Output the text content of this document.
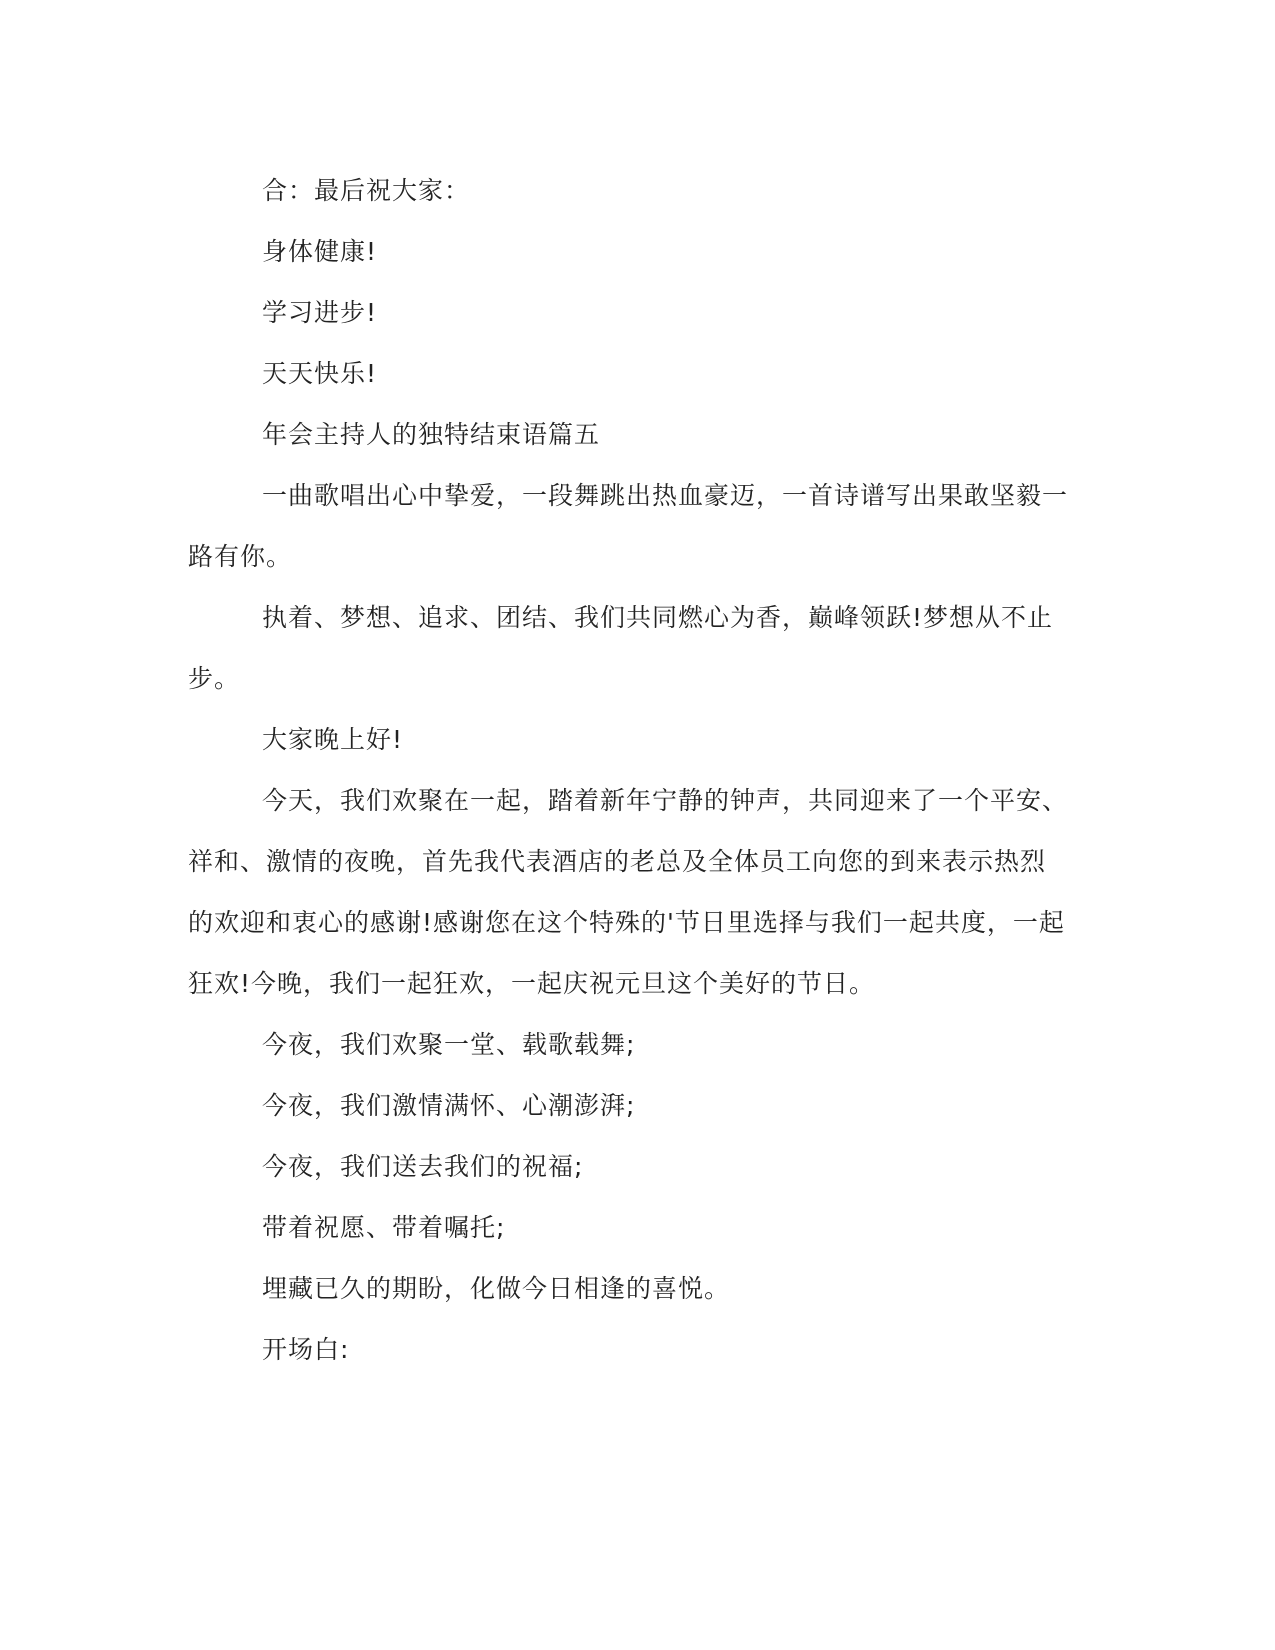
合：最后祝大家：

身体健康!

学习进步!

天天快乐!

年会主持人的独特结束语篇五

一曲歌唱出心中挚爱，一段舞跳出热血豪迈，一首诗谱写出果敢坚毅一路有你。

执着、梦想、追求、团结、我们共同燃心为香，巅峰领跃!梦想从不止步。

大家晚上好!

今天，我们欢聚在一起，踏着新年宁静的钟声，共同迎来了一个平安、祥和、激情的夜晚，首先我代表酒店的老总及全体员工向您的到来表示热烈的欢迎和衷心的感谢!感谢您在这个特殊的'节日里选择与我们一起共度，一起狂欢!今晚，我们一起狂欢，一起庆祝元旦这个美好的节日。

今夜，我们欢聚一堂、载歌载舞;

今夜，我们激情满怀、心潮澎湃;

今夜，我们送去我们的祝福;

带着祝愿、带着嘱托;

埋藏已久的期盼，化做今日相逢的喜悦。

开场白:
